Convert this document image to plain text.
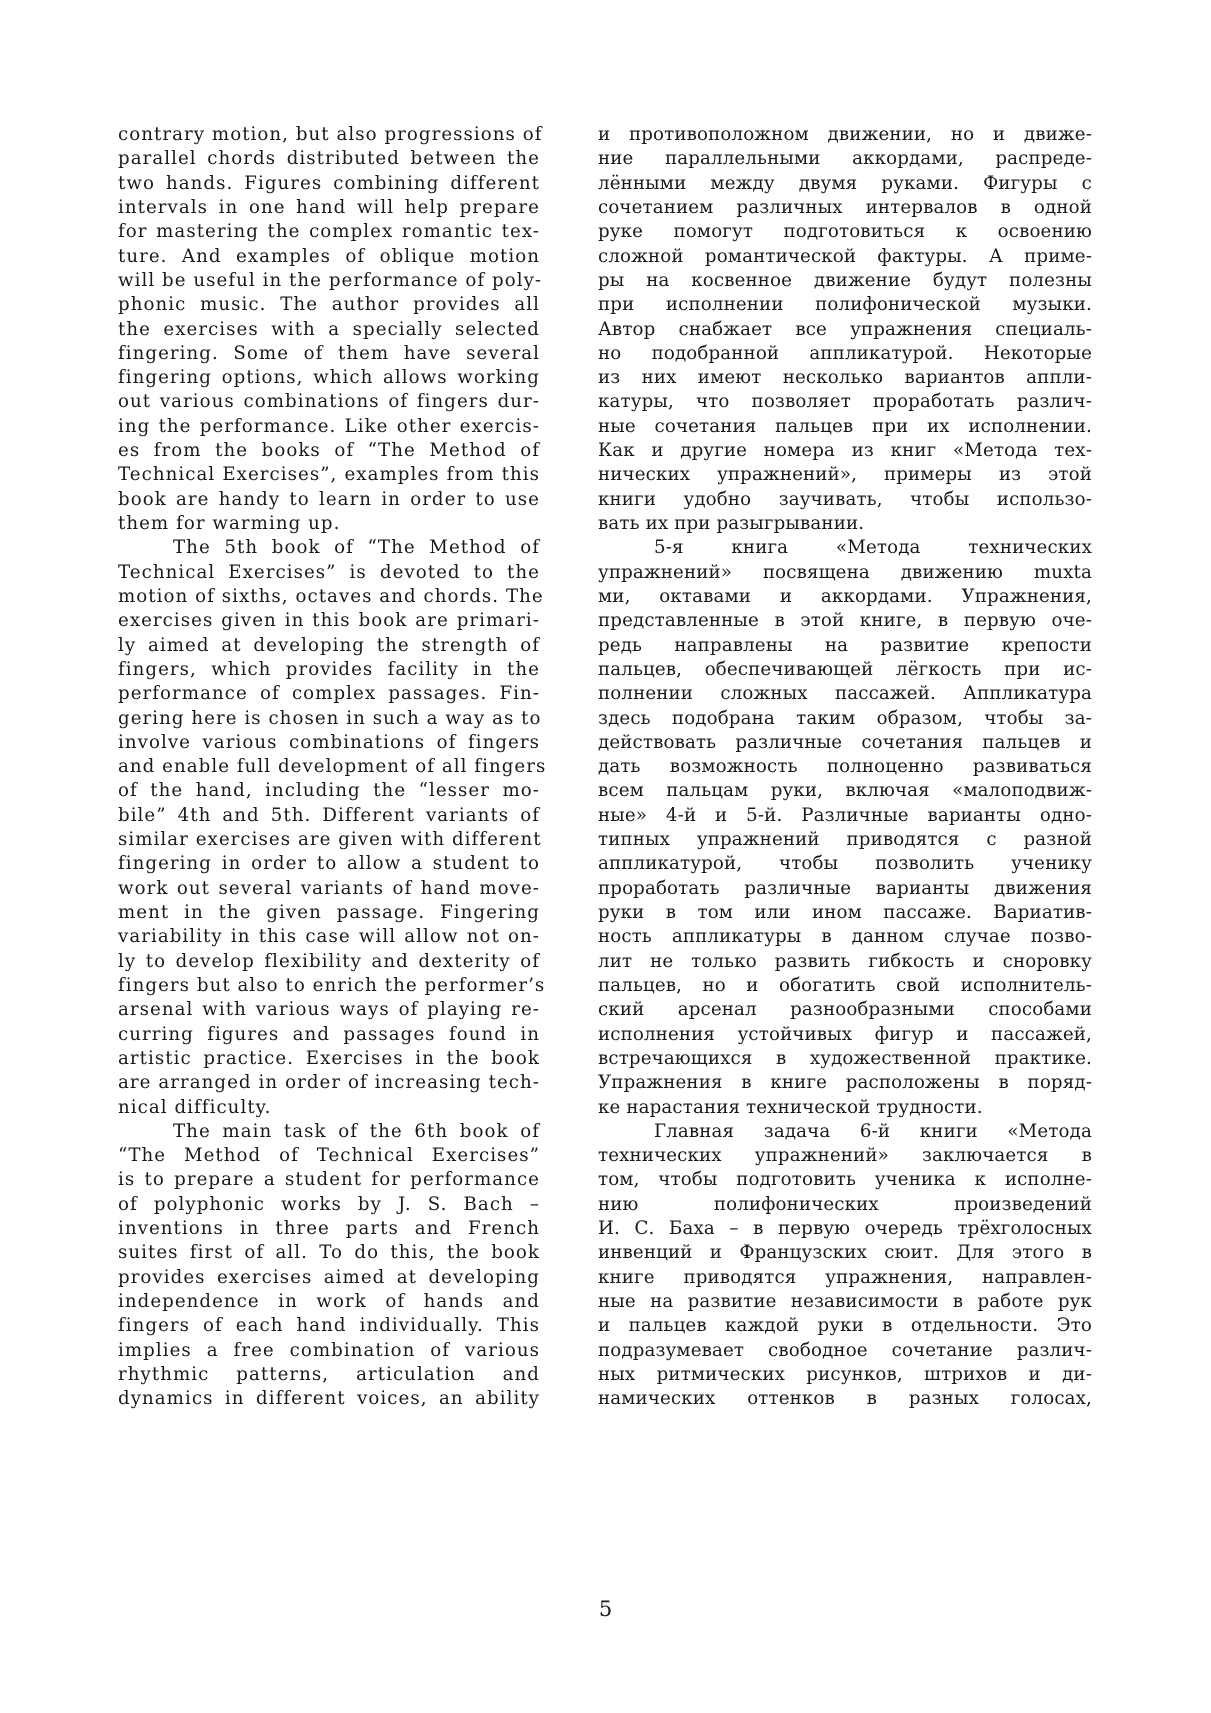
contrary motion, but also progressions of
parallel chords distributed between the
two hands. Figures combining different
intervals in one hand will help prepare
for mastering the complex romantic tex-
ture. And examples of oblique motion
will be useful in the performance of poly-
phonic music. The author provides all
the exercises with a specially selected
fingering. Some of them have several
fingering options, which allows working
out various combinations of fingers dur-
ing the performance. Like other exercis-
es from the books of “The Method of
Technical Exercises”, examples from this
book are handy to learn in order to use
them for warming up.
The 5th book of “The Method of
Technical Exercises” is devoted to the
motion of sixths, octaves and chords. The
exercises given in this book are primari-
ly aimed at developing the strength of
fingers, which provides facility in the
performance of complex passages. Fin-
gering here is chosen in such a way as to
involve various combinations of fingers
and enable full development of all fingers
of the hand, including the “lesser mo-
bile” 4th and 5th. Different variants of
similar exercises are given with different
fingering in order to allow a student to
work out several variants of hand move-
ment in the given passage. Fingering
variability in this case will allow not on-
ly to develop flexibility and dexterity of
fingers but also to enrich the performer’s
arsenal with various ways of playing re-
curring figures and passages found in
artistic practice. Exercises in the book
are arranged in order of increasing tech-
nical difficulty.
The main task of the 6th book of
“The Method of Technical Exercises”
is to prepare a student for performance
of polyphonic works by J. S. Bach –
inventions in three parts and French
suites first of all. To do this, the book
provides exercises aimed at developing
independence in work of hands and
fingers of each hand individually. This
implies a free combination of various
rhythmic patterns, articulation and
dynamics in different voices, an ability
и противоположном движении, но и движе-
ние параллельными аккордами, распреде-
лёнными между двумя руками. Фигуры с
сочетанием различных интервалов в одной
руке помогут подготовиться к освоению
сложной романтической фактуры. А приме-
ры на косвенное движение будут полезны
при исполнении полифонической музыки.
Автор снабжает все упражнения специаль-
но подобранной аппликатурой. Некоторые
из них имеют несколько вариантов аппли-
катуры, что позволяет проработать различ-
ные сочетания пальцев при их исполнении.
Как и другие номера из книг «Метода тех-
нических упражнений», примеры из этой
книги удобно заучивать, чтобы использо-
вать их при разыгрывании.
5-я книга «Метода технических
упражнений» посвящена движению muxta
ми, октавами и аккордами. Упражнения,
представленные в этой книге, в первую оче-
редь направлены на развитие крепости
пальцев, обеспечивающей лёгкость при ис-
полнении сложных пассажей. Аппликатура
здесь подобрана таким образом, чтобы за-
действовать различные сочетания пальцев и
дать возможность полноценно развиваться
всем пальцам руки, включая «малоподвиж-
ные» 4-й и 5-й. Различные варианты одно-
типных упражнений приводятся с разной
аппликатурой, чтобы позволить ученику
проработать различные варианты движения
руки в том или ином пассаже. Вариатив-
ность аппликатуры в данном случае позво-
лит не только развить гибкость и сноровку
пальцев, но и обогатить свой исполнитель-
ский арсенал разнообразными способами
исполнения устойчивых фигур и пассажей,
встречающихся в художественной практике.
Упражнения в книге расположены в поряд-
ке нарастания технической трудности.
Главная задача 6-й книги «Метода
технических упражнений» заключается в
том, чтобы подготовить ученика к исполне-
нию полифонических произведений
И. С. Баха – в первую очередь трёхголосных
инвенций и Французских сюит. Для этого в
книге приводятся упражнения, направлен-
ные на развитие независимости в работе рук
и пальцев каждой руки в отдельности. Это
подразумевает свободное сочетание различ-
ных ритмических рисунков, штрихов и ди-
намических оттенков в разных голосах,
5
